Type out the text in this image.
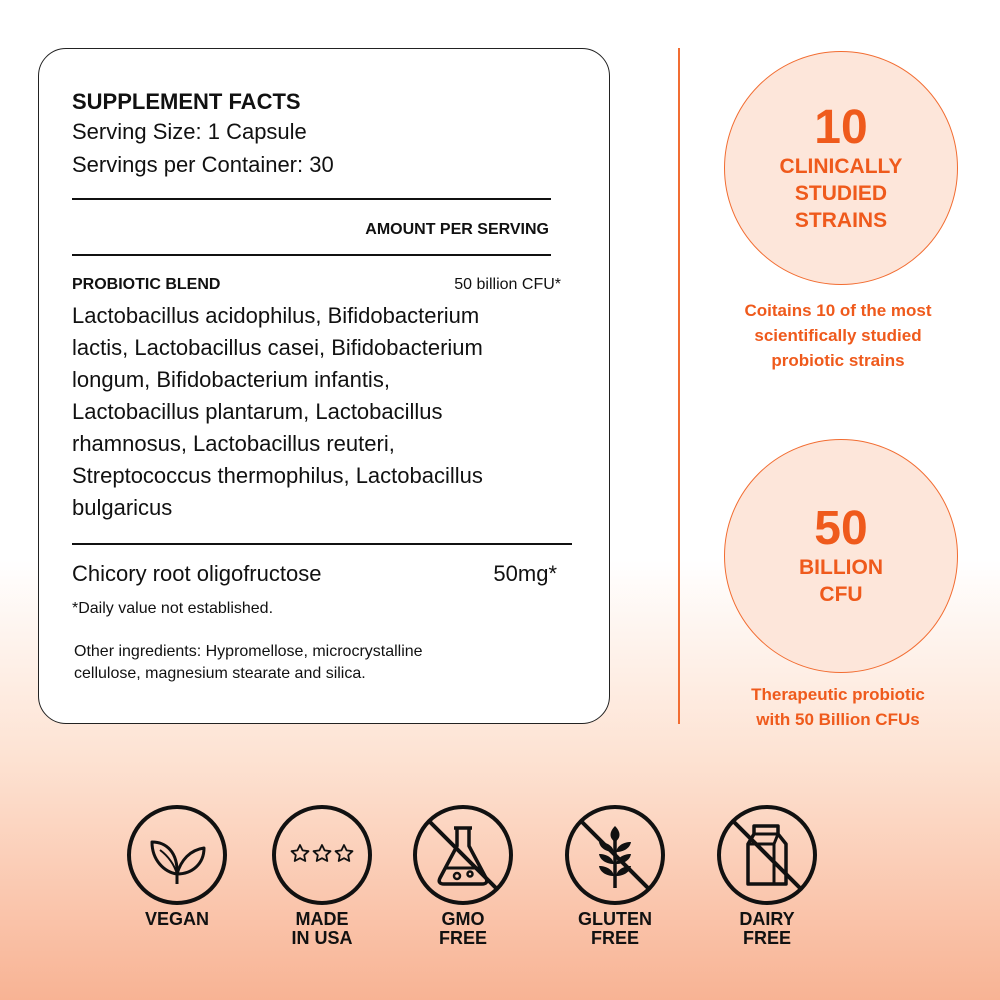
SUPPLEMENT FACTS
Serving Size: 1 Capsule
Servings per Container: 30
AMOUNT PER SERVING
PROBIOTIC BLEND	50 billion CFU*
Lactobacillus acidophilus, Bifidobacterium
lactis, Lactobacillus casei, Bifidobacterium
longum, Bifidobacterium infantis,
Lactobacillus plantarum, Lactobacillus
rhamnosus, Lactobacillus reuteri,
Streptococcus thermophilus, Lactobacillus
bulgaricus
Chicory root oligofructose	50mg*
*Daily value not established.
Other ingredients: Hypromellose, microcrystalline
cellulose, magnesium stearate and silica.
10
CLINICALLY
STUDIED
STRAINS
Coitains 10 of the most
scientifically studied
probiotic strains
50
BILLION
CFU
Therapeutic probiotic
with 50 Billion CFUs
VEGAN	MADE
IN USA
GMO
FREE
GLUTEN
FREE
DAIRY
FREE
